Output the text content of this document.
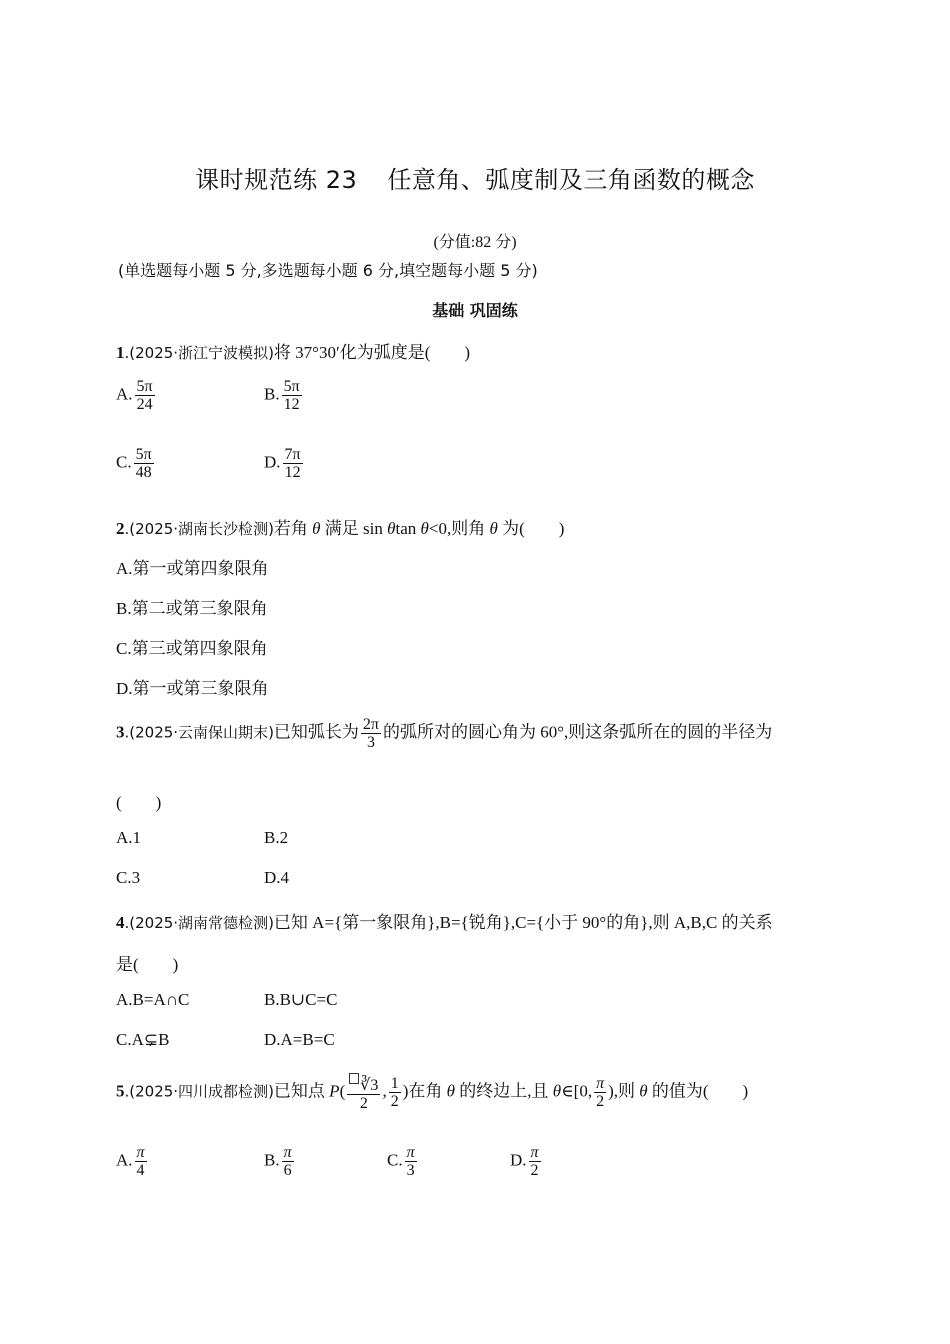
课时规范练 23 任意角、弧度制及三角函数的概念
(分值:82 分)
(单选题每小题 5 分,多选题每小题 6 分,填空题每小题 5 分)
基础 巩固练
1.(2025·浙江宁波模拟)将 37°30′化为弧度是(　　)
A. $\frac{5\pi}{24}$	B. $\frac{5\pi}{12}$
C. $\frac{5\pi}{48}$	D. $\frac{7\pi}{12}$
2.(2025·湖南长沙检测)若角 θ 满足 sin θtan θ<0,则角 θ 为(　　)
A.第一或第四象限角
B.第二或第三象限角
C.第三或第四象限角
D.第一或第三象限角
3.(2025·云南保山期末)已知弧长为 $\frac{2\pi}{3}$ 的弧所对的圆心角为 60°,则这条弧所在的圆的半径为
(　　)
A.1	B.2
C.3	D.4
4.(2025·湖南常德检测)已知 A={第一象限角},B={锐角},C={小于 90°的角},则 A,B,C 的关系
是(　　)
A.B=A∩C	B.B∪C=C
C.A⊊B	D.A=B=C
5.(2025·四川成都检测)已知点 $P( \frac{∛3}{2}$ , $\frac{1}{2}$ )在角 θ 的终边上,且 θ∈[0, $\frac{\pi}{2}$ ),则 θ 的值为(　　)
A. $\frac{\pi}{4}$	B. $\frac{\pi}{6}$	C. $\frac{\pi}{3}$	D. $\frac{\pi}{2}$
